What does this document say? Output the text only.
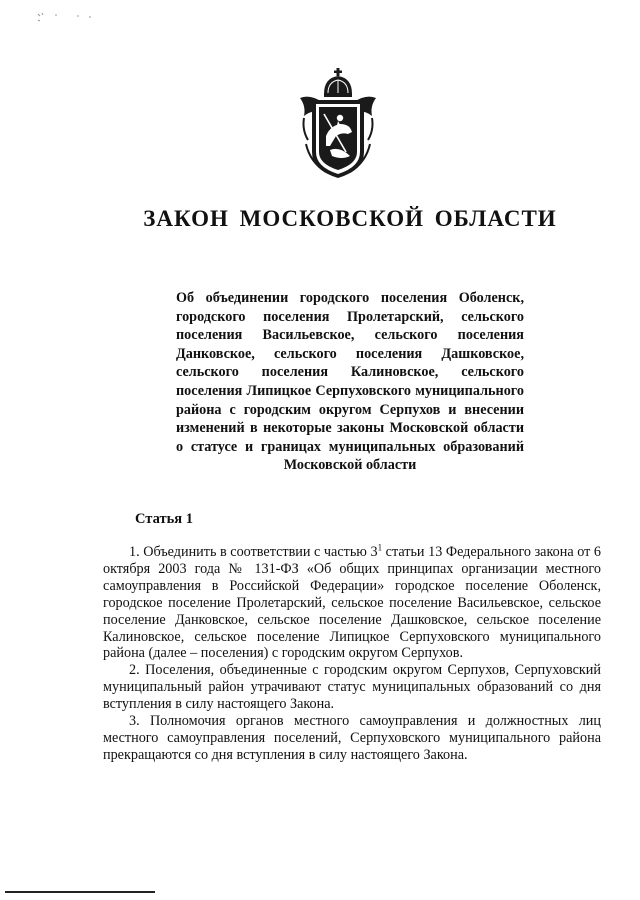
ЗАКОН МОСКОВСКОЙ ОБЛАСТИ
Об объединении городского поселения Оболенск, городского поселения Пролетарский, сельского поселения Васильевское, сельского поселения Данковское, сельского поселения Дашковское, сельского поселения Калиновское, сельского поселения Липицкое Серпуховского муниципального района с городским округом Серпухов и внесении изменений в некоторые законы Московской области о статусе и границах муниципальных образований Московской области
Статья 1

1. Объединить в соответствии с частью $3^1$ статьи 13 Федерального закона от 6 октября 2003 года № 131-ФЗ «Об общих принципах организации местного самоуправления в Российской Федерации» городское поселение Оболенск, городское поселение Пролетарский, сельское поселение Васильевское, сельское поселение Данковское, сельское поселение Дашковское, сельское поселение Калиновское, сельское поселение Липицкое Серпуховского муниципального района (далее – поселения) с городским округом Серпухов.

2. Поселения, объединенные с городским округом Серпухов, Серпуховский муниципальный район утрачивают статус муниципальных образований со дня вступления в силу настоящего Закона.

3. Полномочия органов местного самоуправления и должностных лиц местного самоуправления поселений, Серпуховского муниципального района прекращаются со дня вступления в силу настоящего Закона.
